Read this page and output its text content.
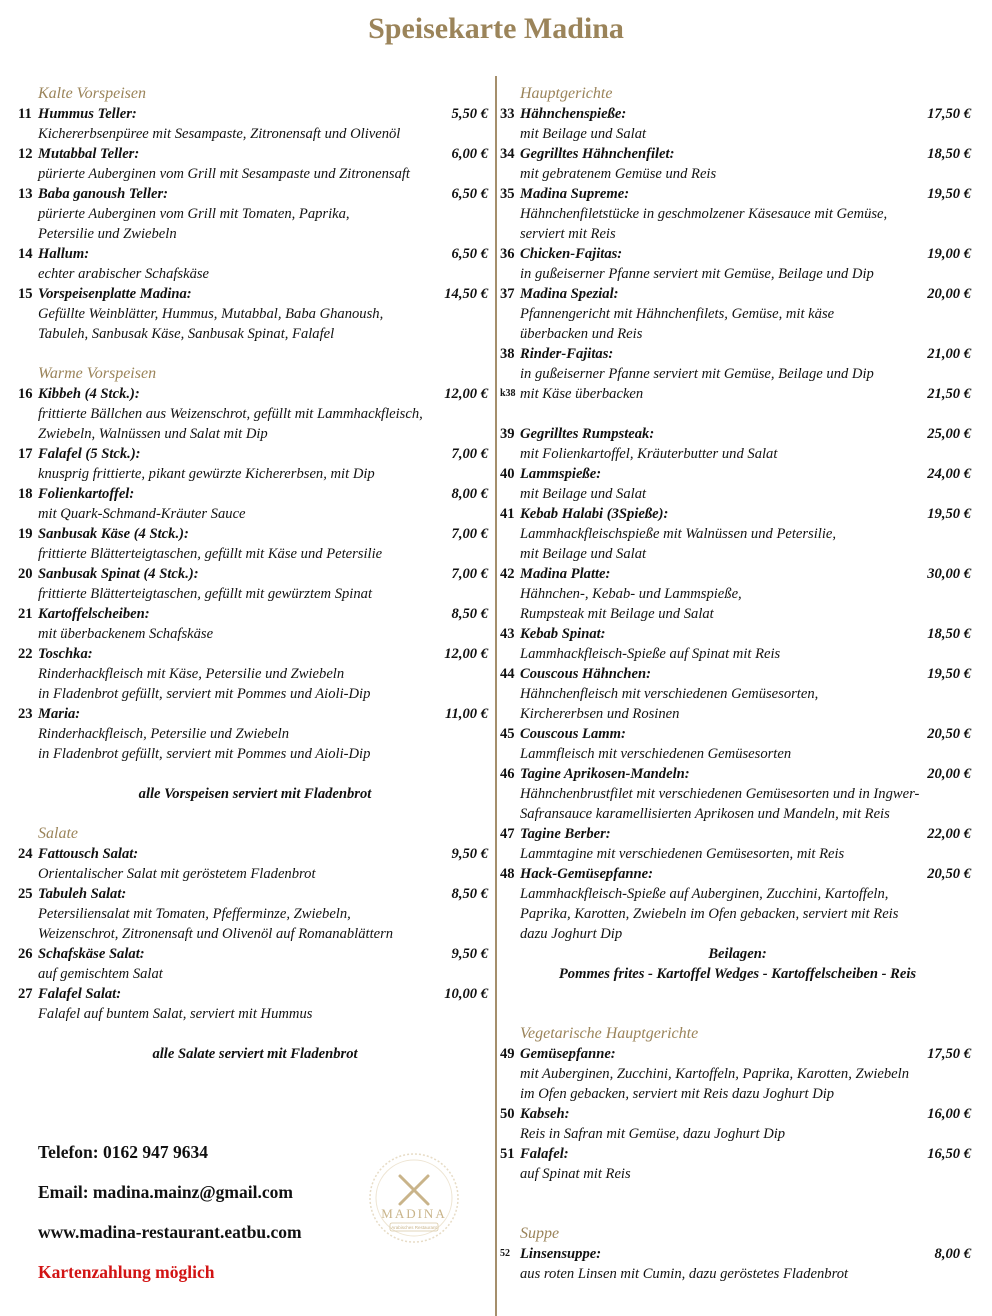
Speisekarte Madina
Kalte Vorspeisen
11 Hummus Teller:	5,50 €
Kichererbsenpüree mit Sesampaste, Zitronensaft und Olivenöl
12 Mutabbal Teller:	6,00 €
pürierte Auberginen vom Grill mit Sesampaste und Zitronensaft
13 Baba ganoush Teller:	6,50 €
pürierte Auberginen vom Grill mit Tomaten, Paprika,
Petersilie und Zwiebeln
14 Hallum:	6,50 €
echter arabischer Schafskäse
15 Vorspeisenplatte Madina:	14,50 €
Gefüllte Weinblätter, Hummus, Mutabbal, Baba Ghanoush,
Tabuleh, Sanbusak Käse, Sanbusak Spinat, Falafel
Warme Vorspeisen
16 Kibbeh (4 Stck.):	12,00 €
frittierte Bällchen aus Weizenschrot, gefüllt mit Lammhackfleisch,
Zwiebeln, Walnüssen und Salat mit Dip
17 Falafel (5 Stck.):	7,00 €
knusprig frittierte, pikant gewürzte Kichererbsen, mit Dip
18 Folienkartoffel:	8,00 €
mit Quark-Schmand-Kräuter Sauce
19 Sanbusak Käse (4 Stck.):	7,00 €
frittierte Blätterteigtaschen, gefüllt mit Käse und Petersilie
20 Sanbusak Spinat (4 Stck.):	7,00 €
frittierte Blätterteigtaschen, gefüllt mit gewürztem Spinat
21 Kartoffelscheiben:	8,50 €
mit überbackenem Schafskäse
22 Toschka:	12,00 €
Rinderhackfleisch mit Käse, Petersilie und Zwiebeln
in Fladenbrot gefüllt, serviert mit Pommes und Aioli-Dip
23 Maria:	11,00 €
Rinderhackfleisch, Petersilie und Zwiebeln
in Fladenbrot gefüllt, serviert mit Pommes und Aioli-Dip
alle Vorspeisen serviert mit Fladenbrot
Salate
24 Fattousch Salat:	9,50 €
Orientalischer Salat mit geröstetem Fladenbrot
25 Tabuleh Salat:	8,50 €
Petersiliensalat mit Tomaten, Pfefferminze, Zwiebeln,
Weizenschrot, Zitronensaft und Olivenöl auf Romanablättern
26 Schafskäse Salat:	9,50 €
auf gemischtem Salat
27 Falafel Salat:	10,00 €
Falafel auf buntem Salat, serviert mit Hummus
alle Salate serviert mit Fladenbrot
Hauptgerichte
33 Hähnchenspieße:	17,50 €
mit Beilage und Salat
34 Gegrilltes Hähnchenfilet:	18,50 €
mit gebratenem Gemüse und Reis
35 Madina Supreme:	19,50 €
Hähnchenfiletstücke in geschmolzener Käsesauce mit Gemüse,
serviert mit Reis
36 Chicken-Fajitas:	19,00 €
in gußeiserner Pfanne serviert mit Gemüse, Beilage und Dip
37 Madina Spezial:	20,00 €
Pfannengericht mit Hähnchenfilets, Gemüse, mit käse
überbacken und Reis
38 Rinder-Fajitas:	21,00 €
in gußeiserner Pfanne serviert mit Gemüse, Beilage und Dip
k38 mit Käse überbacken	21,50 €
39 Gegrilltes Rumpsteak:	25,00 €
mit Folienkartoffel, Kräuterbutter und Salat
40 Lammspieße:	24,00 €
mit Beilage und Salat
41 Kebab Halabi (3Spieße):	19,50 €
Lammhackfleischspieße mit Walnüssen und Petersilie,
mit Beilage und Salat
42 Madina Platte:	30,00 €
Hähnchen-, Kebab- und Lammspieße,
Rumpsteak mit Beilage und Salat
43 Kebab Spinat:	18,50 €
Lammhackfleisch-Spieße auf Spinat mit Reis
44 Couscous Hähnchen:	19,50 €
Hähnchenfleisch mit verschiedenen Gemüsesorten,
Kirchererbsen und Rosinen
45 Couscous Lamm:	20,50 €
Lammfleisch mit verschiedenen Gemüsesorten
46 Tagine Aprikosen-Mandeln:	20,00 €
Hähnchenbrustfilet mit verschiedenen Gemüsesorten und in Ingwer-
Safransauce karamellisierten Aprikosen und Mandeln, mit Reis
47 Tagine Berber:	22,00 €
Lammtagine mit verschiedenen Gemüsesorten, mit Reis
48 Hack-Gemüsepfanne:	20,50 €
Lammhackfleisch-Spieße auf Auberginen, Zucchini, Kartoffeln,
Paprika, Karotten, Zwiebeln im Ofen gebacken, serviert mit Reis
dazu Joghurt Dip
Beilagen:
Pommes frites - Kartoffel Wedges - Kartoffelscheiben - Reis
Vegetarische Hauptgerichte
49 Gemüsepfanne:	17,50 €
mit Auberginen, Zucchini, Kartoffeln, Paprika, Karotten, Zwiebeln
im Ofen gebacken, serviert mit Reis dazu Joghurt Dip
50 Kabseh:	16,00 €
Reis in Safran mit Gemüse, dazu Joghurt Dip
51 Falafel:	16,50 €
auf Spinat mit Reis
Suppe
52 Linsensuppe:	8,00 €
aus roten Linsen mit Cumin, dazu geröstetes Fladenbrot
Telefon: 0162 947 9634
Email: madina.mainz@gmail.com
www.madina-restaurant.eatbu.com
Kartenzahlung möglich
MADINA
Arabisches Restaurant
